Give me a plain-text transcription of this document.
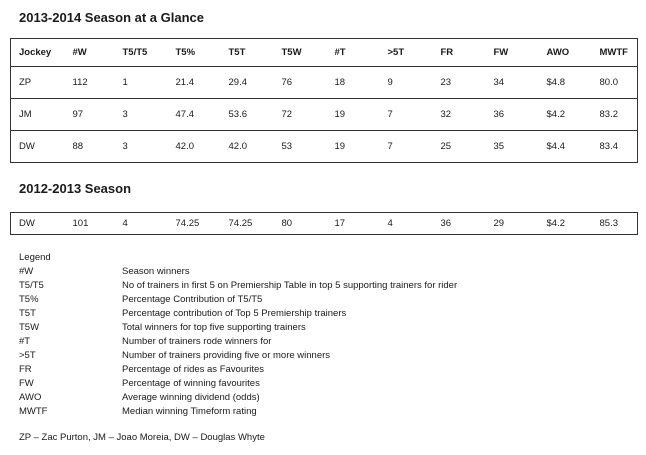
2013-2014 Season at a Glance
Jockey	#W	T5/T5	T5%	T5T	T5W	#T	>5T	FR	FW	AWO	MWTF
ZP	112	1	21.4	29.4	76	18	9	23	34	$4.8	80.0
JM	97	3	47.4	53.6	72	19	7	32	36	$4.2	83.2
DW	88	3	42.0	42.0	53	19	7	25	35	$4.4	83.4
2012-2013 Season
DW	101	4	74.25	74.25	80	17	4	36	29	$4.2	85.3
Legend
#W	Season winners
T5/T5	No of trainers in first 5 on Premiership Table in top 5 supporting trainers for rider
T5%	Percentage Contribution of T5/T5
T5T	Percentage contribution of Top 5 Premiership trainers
T5W	Total winners for top five supporting trainers
#T	Number of trainers rode winners for
>5T	Number of trainers providing five or more winners
FR	Percentage of rides as Favourites
FW	Percentage of winning favourites
AWO	Average winning dividend (odds)
MWTF	Median winning Timeform rating
ZP – Zac Purton, JM – Joao Moreia, DW – Douglas Whyte
